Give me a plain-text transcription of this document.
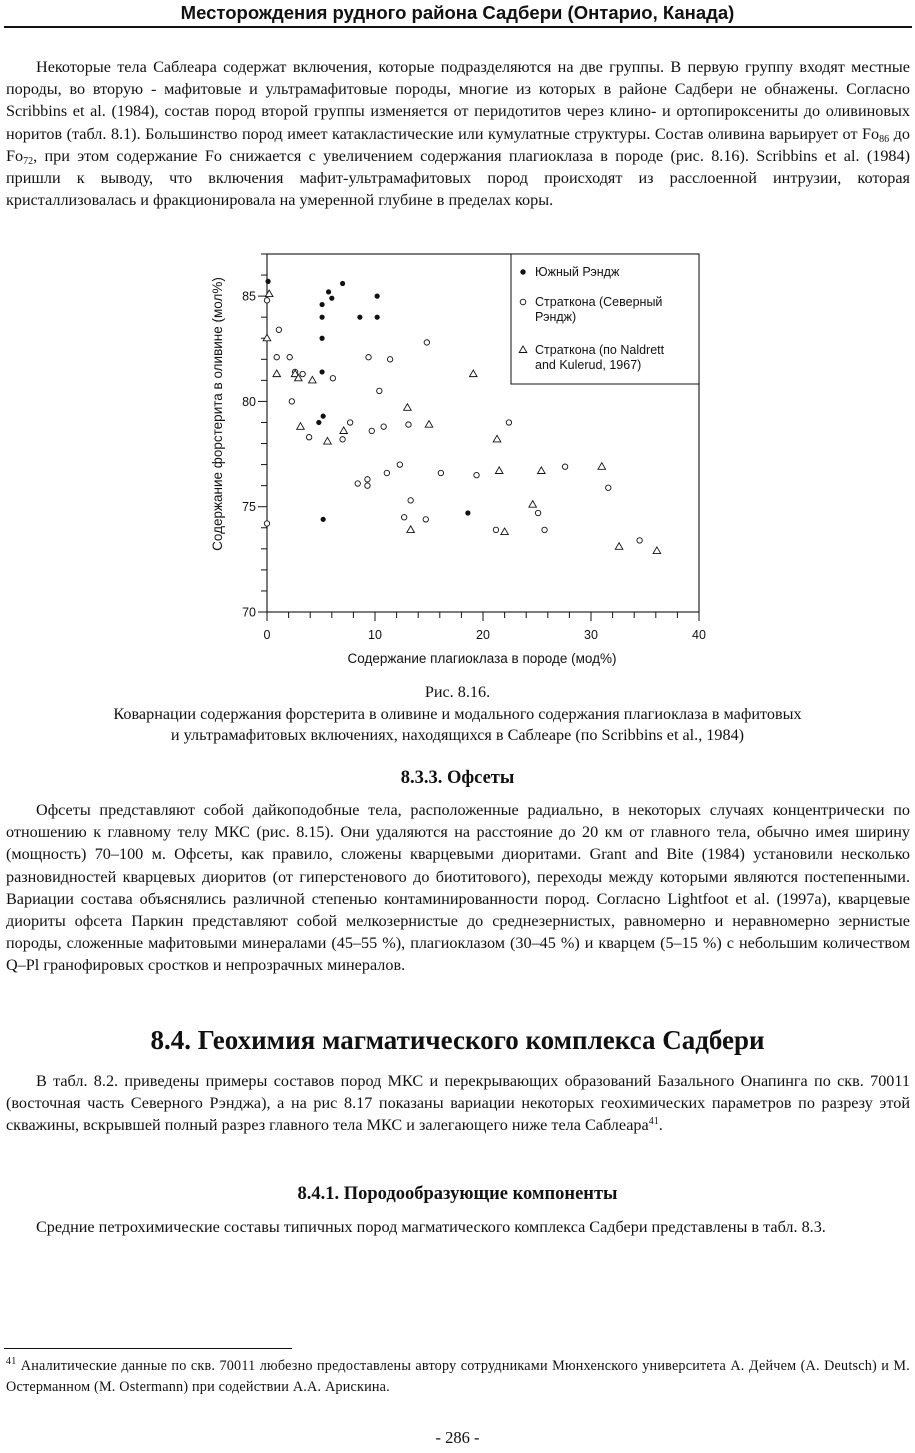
Месторождения рудного района Садбери (Онтарио, Канада)

Некоторые тела Саблеара содержат включения, которые подразделяются на две группы. В первую группу входят местные породы, во вторую - мафитовые и ультрамафитовые породы, многие из которых в районе Садбери не обнажены. Согласно Scribbins et al. (1984), состав пород второй группы изменяется от перидотитов через клино- и ортопироксениты до оливиновых норитов (табл. 8.1). Большинство пород имеет катакластические или кумулатные структуры. Состав оливина варьирует от $Fo_{86}$ до $Fo_{72}$, при этом содержание Fo снижается с увеличением содержания плагиоклаза в породе (рис. 8.16). Scribbins et al. (1984) пришли к выводу, что включения мафит-ультрамафитовых пород происходят из расслоенной интрузии, которая кристаллизовалась и фракционировала на умеренной глубине в пределах коры.

0	10	20	30	40
70
75
80
85
Содержание форстерита в оливине (мол%)
Содержание плагиоклаза в породе (мод%)
Южный Рэндж
Страткона (Северный Рэндж)
Страткона (по Naldrett and Kulerud, 1967)
Рис. 8.16.
Коварнации содержания форстерита в оливине и модального содержания плагиоклаза в мафитовых
и ультрамафитовых включениях, находящихся в Саблеаре (по Scribbins et al., 1984)
8.3.3. Офсеты

Офсеты представляют собой дайкоподобные тела, расположенные радиально, в некоторых случаях концентрически по отношению к главному телу МКС (рис. 8.15). Они удаляются на расстояние до 20 км от главного тела, обычно имея ширину (мощность) 70–100 м. Офсеты, как правило, сложены кварцевыми диоритами. Grant and Bite (1984) установили несколько разновидностей кварцевых диоритов (от гиперстенового до биотитового), переходы между которыми являются постепенными. Вариации состава объяснялись различной степенью контаминированности пород. Согласно Lightfoot et al. (1997а), кварцевые диориты офсета Паркин представляют собой мелкозернистые до среднезернистых, равномерно и неравномерно зернистые породы, сложенные мафитовыми минералами (45–55 %), плагиоклазом (30–45 %) и кварцем (5–15 %) с небольшим количеством Q–Pl гранофировых сростков и непрозрачных минералов.

8.4. Геохимия магматического комплекса Садбери

В табл. 8.2. приведены примеры составов пород МКС и перекрывающих образований Базального Онапинга по скв. 70011 (восточная часть Северного Рэнджа), а на рис 8.17 показаны вариации некоторых геохимических параметров по разрезу этой скважины, вскрывшей полный разрез главного тела МКС и залегающего ниже тела Саблеара$^{41}$.

8.4.1. Породообразующие компоненты

Средние петрохимические составы типичных пород магматического комплекса Садбери представлены в табл. 8.3.

$^{41}$ Аналитические данные по скв. 70011 любезно предоставлены автору сотрудниками Мюнхенского университета А. Дейчем (A. Deutsch) и М. Остерманном (M. Ostermann) при содействии А.А. Арискина.

- 286 -
